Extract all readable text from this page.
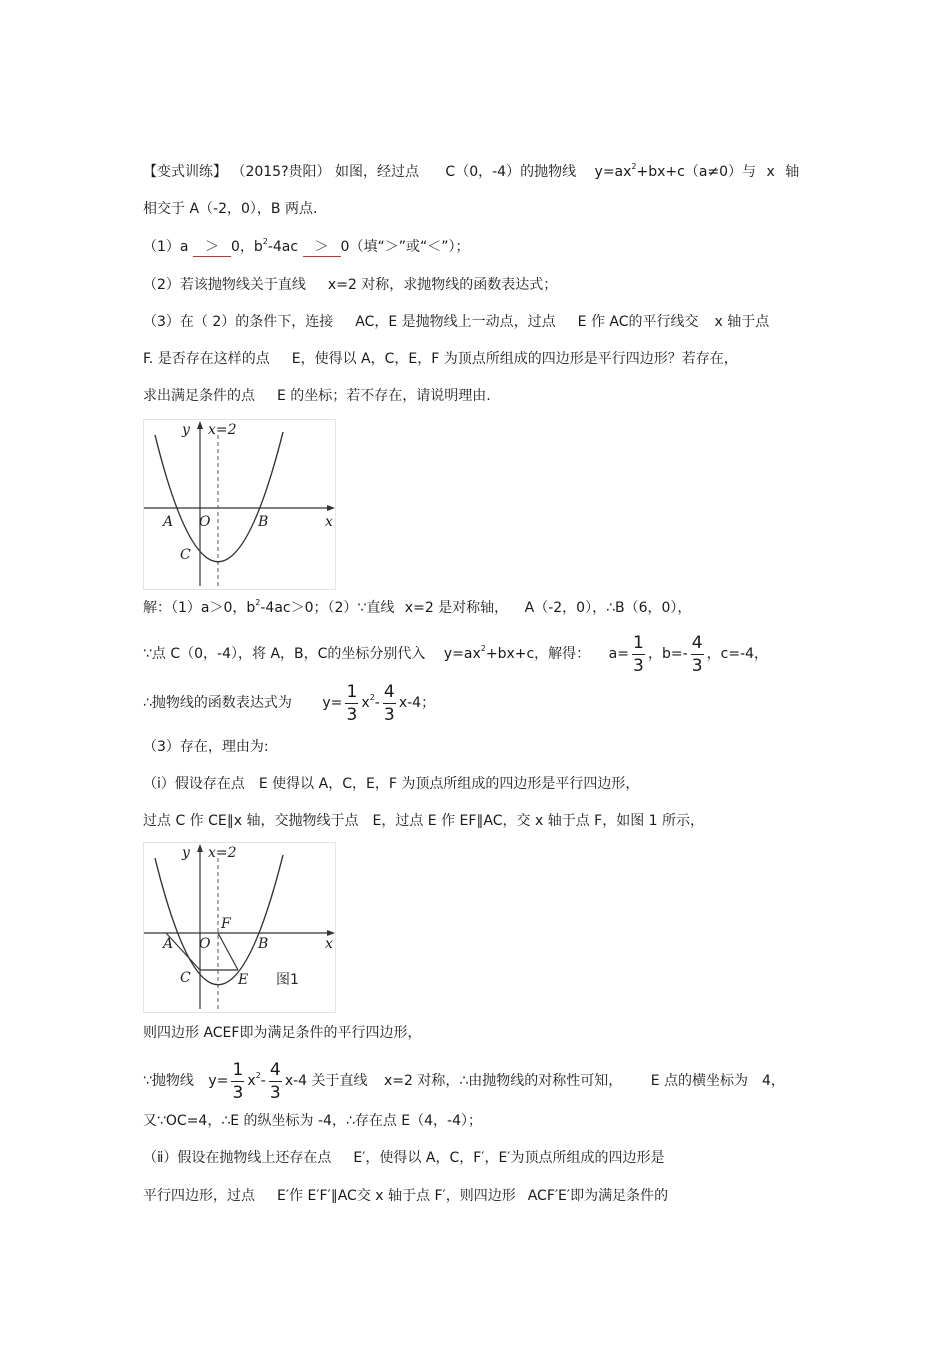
【变式训练】 （2015?贵阳） 如图，经过点 C（0，-4）的抛物线 $y=ax^2+bx+c(a\ne 0)$与 x 轴
相交于 A（-2，0），B 两点.
（1）a ＞ 0，$b^2-4ac > 0$（填“＞”或“＜”）；
（2）若该抛物线关于直线 x=2 对称，求抛物线的函数表达式；
（3）在（ 2）的条件下，连接 AC，E 是抛物线上一动点，过点 E 作 AC的平行线交 x 轴于点
F. 是否存在这样的点 E，使得以 A，C，E，F 为顶点所组成的四边形是平行四边形？若存在，
求出满足条件的点 E 的坐标；若不存在，请说明理由.
y x=2
A O	B
C
x
解：（1）a＞0，$b^2-4ac>0$；（2）∵直线 x=2 是对称轴， A（-2，0），∴B（6，0），
∵点 C（0，-4），将 A，B，C的坐标分别代入 $y=ax^2+bx+c$，解得： $a= \frac{1}{3}$ ，$b=- \frac{4}{3}$ ，c=-4，
∴抛物线的函数表达式为 $y= \frac{1}{3} x^2- \frac{4}{3} x-4$；
（3）存在，理由为:
（ⅰ）假设存在点　E 使得以 A，C，E，F 为顶点所组成的四边形是平行四边形，
过点 C 作 CE∥x 轴，交抛物线于点　E，过点 E 作 EF∥AC，交 x 轴于点 F，如图 1 所示，
y x=2
F
A O	B
C	E
x
图1
则四边形 ACEF即为满足条件的平行四边形，
∵抛物线 $y= \frac{1}{3} x^2- \frac{4}{3} x-4$ 关于直线 x=2 对称，∴由抛物线的对称性可知， E 点的横坐标为　4，
又∵OC=4，∴E 的纵坐标为 -4，∴存在点 E（4，-4）；
（ⅱ）假设在抛物线上还存在点 E′，使得以 A，C，F′，E′为顶点所组成的四边形是
平行四边形，过点 E′作 E′F′∥AC交 x 轴于点 F′，则四边形 ACF′E′即为满足条件的
